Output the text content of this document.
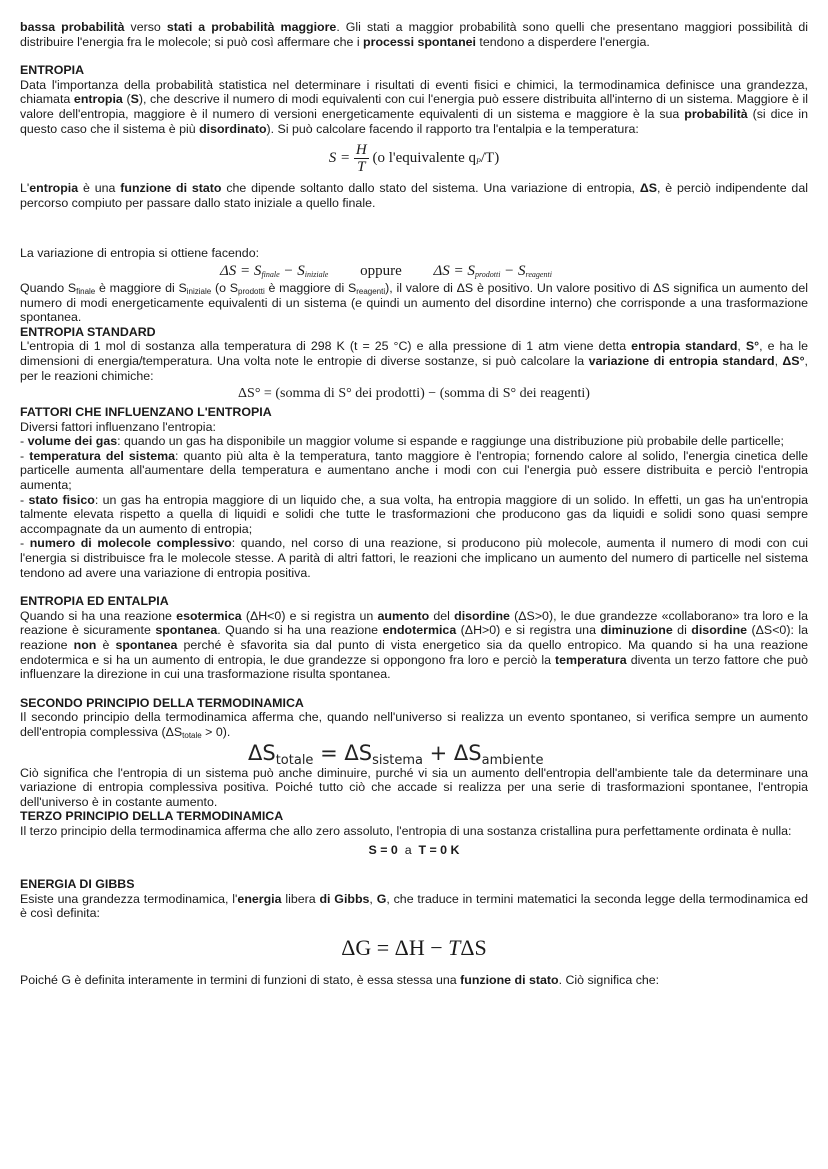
bassa probabilità verso stati a probabilità maggiore. Gli stati a maggior probabilità sono quelli che presentano maggiori possibilità di distribuire l'energia fra le molecole; si può così affermare che i processi spontanei tendono a disperdere l'energia.

ENTROPIA

Data l'importanza della probabilità statistica nel determinare i risultati di eventi fisici e chimici, la termodinamica definisce una grandezza, chiamata entropia (S), che descrive il numero di modi equivalenti con cui l'energia può essere distribuita all'interno di un sistema. Maggiore è il valore dell'entropia, maggiore è il numero di versioni energeticamente equivalenti di un sistema e maggiore è la sua probabilità (si dice in questo caso che il sistema è più disordinato). Si può calcolare facendo il rapporto tra l'entalpia e la temperatura:

$S = \frac{H}{T} (o$ l'equivalente $q_P/T$)

L'entropia è una funzione di stato che dipende soltanto dallo stato del sistema. Una variazione di entropia, ΔS, è perciò indipendente dal percorso compiuto per passare dallo stato iniziale a quello finale.

La variazione di entropia si ottiene facendo:

$\Delta S = S_{finale} - S_{iniziale}$ oppure $\Delta S = S_{prodotti} - S_{reagenti}$

Quando $S_{finale}$ è maggiore di $S_{iniziale}$ (o $S_{prodotti}$ è maggiore di $S_{reagenti}$), il valore di ΔS è positivo. Un valore positivo di ΔS significa un aumento del numero di modi energeticamente equivalenti di un sistema (e quindi un aumento del disordine interno) che corrisponde a una trasformazione spontanea.

ENTROPIA STANDARD

L'entropia di 1 mol di sostanza alla temperatura di 298 K (t = 25 °C) e alla pressione di 1 atm viene detta entropia standard, S°, e ha le dimensioni di energia/temperatura. Una volta note le entropie di diverse sostanze, si può calcolare la variazione di entropia standard, ΔS°, per le reazioni chimiche:

ΔS° = (somma di S° dei prodotti) − (somma di S° dei reagenti)

FATTORI CHE INFLUENZANO L'ENTROPIA

Diversi fattori influenzano l'entropia:

- volume dei gas: quando un gas ha disponibile un maggior volume si espande e raggiunge una distribuzione più probabile delle particelle;

- temperatura del sistema: quanto più alta è la temperatura, tanto maggiore è l'entropia; fornendo calore al solido, l'energia cinetica delle particelle aumenta all'aumentare della temperatura e aumentano anche i modi con cui l'energia può essere distribuita e perciò l'entropia aumenta;

- stato fisico: un gas ha entropia maggiore di un liquido che, a sua volta, ha entropia maggiore di un solido. In effetti, un gas ha un'entropia talmente elevata rispetto a quella di liquidi e solidi che tutte le trasformazioni che producono gas da liquidi e solidi sono quasi sempre accompagnate da un aumento di entropia;

- numero di molecole complessivo: quando, nel corso di una reazione, si producono più molecole, aumenta il numero di modi con cui l'energia si distribuisce fra le molecole stesse. A parità di altri fattori, le reazioni che implicano un aumento del numero di particelle nel sistema tendono ad avere una variazione di entropia positiva.

ENTROPIA ED ENTALPIA

Quando si ha una reazione esotermica (ΔH<0) e si registra un aumento del disordine (ΔS>0), le due grandezze «collaborano» tra loro e la reazione è sicuramente spontanea. Quando si ha una reazione endotermica (ΔH>0) e si registra una diminuzione di disordine (ΔS<0): la reazione non è spontanea perché è sfavorita sia dal punto di vista energetico sia da quello entropico. Ma quando si ha una reazione endotermica e si ha un aumento di entropia, le due grandezze si oppongono fra loro e perciò la temperatura diventa un terzo fattore che può influenzare la direzione in cui una trasformazione risulta spontanea.

SECONDO PRINCIPIO DELLA TERMODINAMICA

Il secondo principio della termodinamica afferma che, quando nell'universo si realizza un evento spontaneo, si verifica sempre un aumento dell'entropia complessiva $(\Delta S_{totale} > 0)$.

$\Delta S_{totale} = \Delta S_{sistema} + \Delta S_{ambiente}$

Ciò significa che l'entropia di un sistema può anche diminuire, purché vi sia un aumento dell'entropia dell'ambiente tale da determinare una variazione di entropia complessiva positiva. Poiché tutto ciò che accade si realizza per una serie di trasformazioni spontanee, l'entropia dell'universo è in costante aumento.

TERZO PRINCIPIO DELLA TERMODINAMICA

Il terzo principio della termodinamica afferma che allo zero assoluto, l'entropia di una sostanza cristallina pura perfettamente ordinata è nulla:

S = 0 a T = 0 K

ENERGIA DI GIBBS

Esiste una grandezza termodinamica, l'energia libera di Gibbs, G, che traduce in termini matematici la seconda legge della termodinamica ed è così definita:

ΔG = ΔH − TΔS

Poiché G è definita interamente in termini di funzioni di stato, è essa stessa una funzione di stato. Ciò significa che:
